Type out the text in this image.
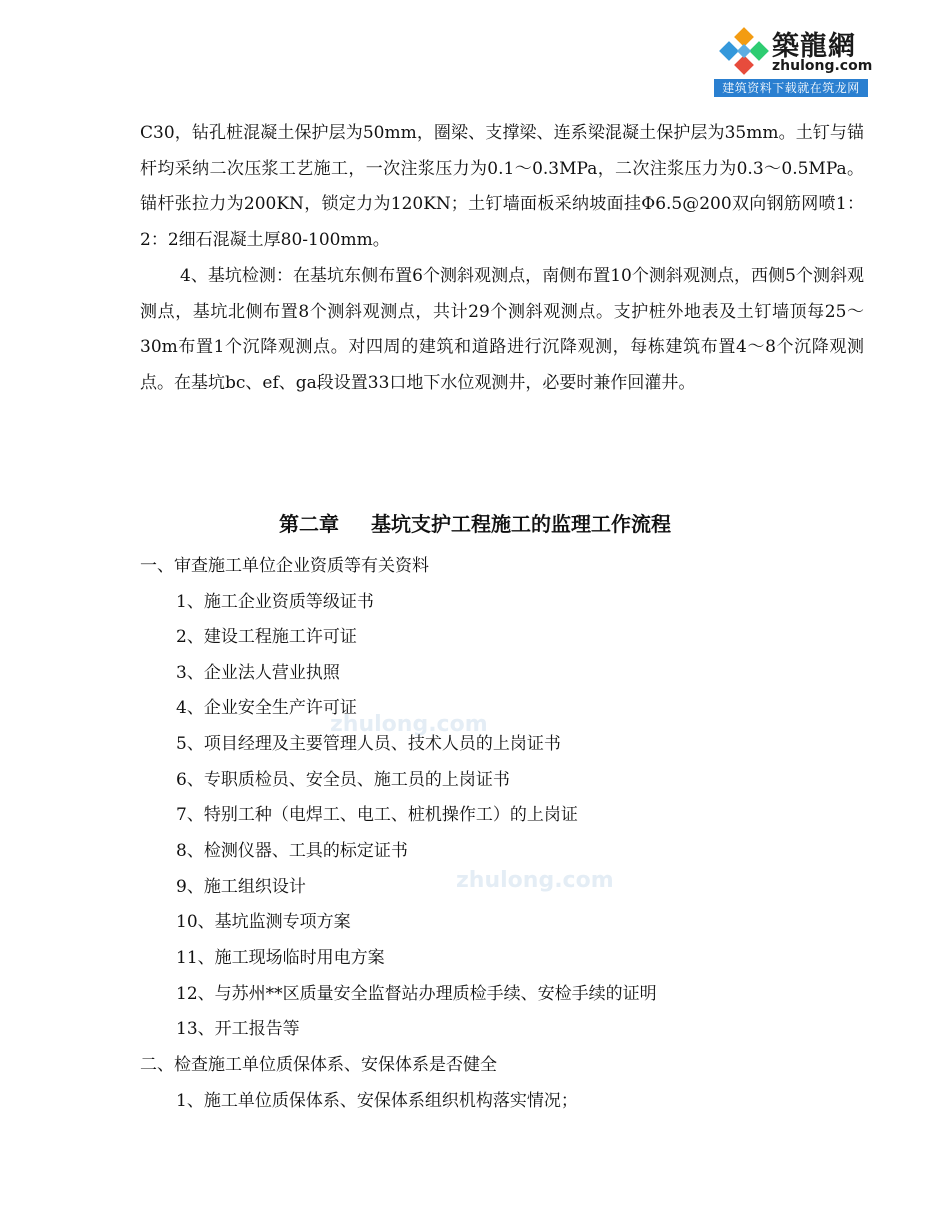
築龍網
zhulong.com
建筑资料下载就在筑龙网
zhulong.com
zhulong.com

C30，钻孔桩混凝土保护层为50mm，圈梁、支撑梁、连系梁混凝土保护层为35mm。土钉与锚杆均采纳二次压浆工艺施工，一次注浆压力为0.1～0.3MPa，二次注浆压力为0.3～0.5MPa。锚杆张拉力为200KN，锁定力为120KN；土钉墙面板采纳坡面挂Φ6.5@200双向钢筋网喷1：2：2细石混凝土厚80-100mm。

4、基坑检测：在基坑东侧布置6个测斜观测点，南侧布置10个测斜观测点，西侧5个测斜观测点，基坑北侧布置8个测斜观测点，共计29个测斜观测点。支护桩外地表及土钉墙顶每25～30m布置1个沉降观测点。对四周的建筑和道路进行沉降观测，每栋建筑布置4～8个沉降观测点。在基坑bc、ef、ga段设置33口地下水位观测井，必要时兼作回灌井。

第二章 基坑支护工程施工的监理工作流程

一、审查施工单位企业资质等有关资料

1、施工企业资质等级证书

2、建设工程施工许可证

3、企业法人营业执照

4、企业安全生产许可证

5、项目经理及主要管理人员、技术人员的上岗证书

6、专职质检员、安全员、施工员的上岗证书

7、特别工种（电焊工、电工、桩机操作工）的上岗证

8、检测仪器、工具的标定证书

9、施工组织设计

10、基坑监测专项方案

11、施工现场临时用电方案

12、与苏州**区质量安全监督站办理质检手续、安检手续的证明

13、开工报告等

二、检查施工单位质保体系、安保体系是否健全

1、施工单位质保体系、安保体系组织机构落实情况；
